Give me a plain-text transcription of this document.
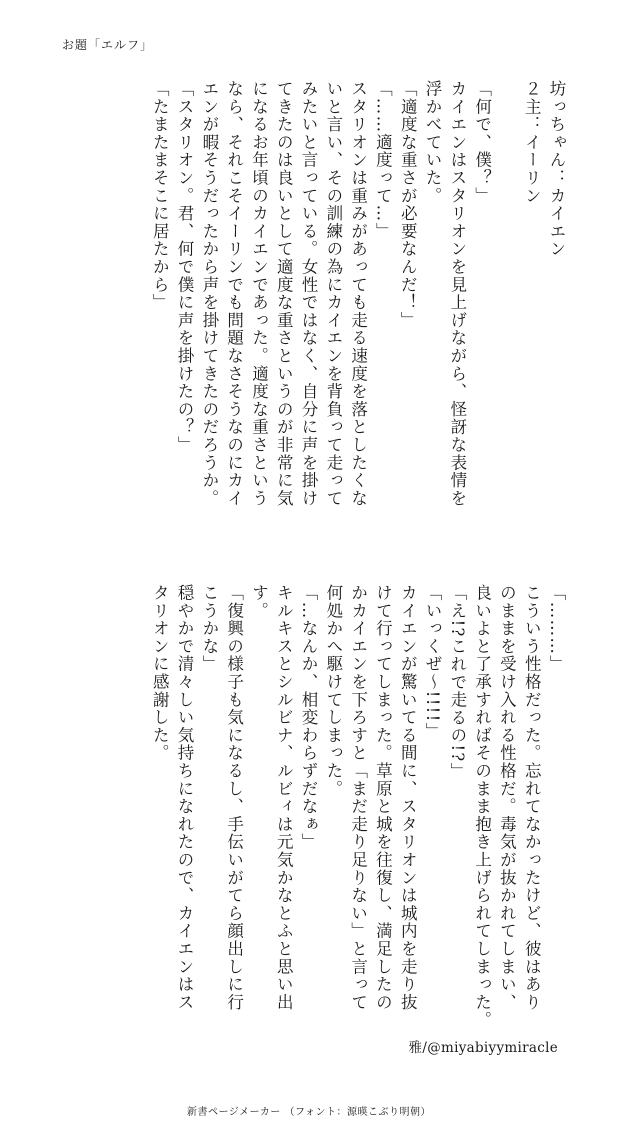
お題「エルフ」

坊っちゃん：カイエン

２主：イーリン

「何で、僕？」

カイエンはスタリオンを見上げながら、怪訝な表情を

浮かべていた。

「適度な重さが必要なんだ！」

「……適度って…」

スタリオンは重みがあっても走る速度を落としたくな

いと言い、その訓練の為にカイエンを背負って走って

みたいと言っている。女性ではなく、自分に声を掛け

てきたのは良いとして適度な重さというのが非常に気

になるお年頃のカイエンであった。適度な重さという

なら、それこそイーリンでも問題なさそうなのにカイ

エンが暇そうだったから声を掛けてきたのだろうか。

「スタリオン。君、何で僕に声を掛けたの？」

「たまたまそこに居たから」

「………」

こういう性格だった。忘れてなかったけど、彼はあり

のままを受け入れる性格だ。毒気が抜かれてしまい、

良いよと了承すればそのまま抱き上げられてしまった。

「え!?これで走るの!?」

「いっくぜ〜!!!!」

カイエンが驚いてる間に、スタリオンは城内を走り抜

けて行ってしまった。草原と城を往復し、満足したの

かカイエンを下ろすと「まだ走り足りない」と言って

何処かへ駆けてしまった。

「…なんか、相変わらずだなぁ」

キルキスとシルビナ、ルビィは元気かなとふと思い出

す。

「復興の様子も気になるし、手伝いがてら顔出しに行

こうかな」

穏やかで清々しい気持ちになれたので、カイエンはス

タリオンに感謝した。

雅/@miyabiyymiracle
新書ページメーカー （フォント：源暎こぶり明朝）
